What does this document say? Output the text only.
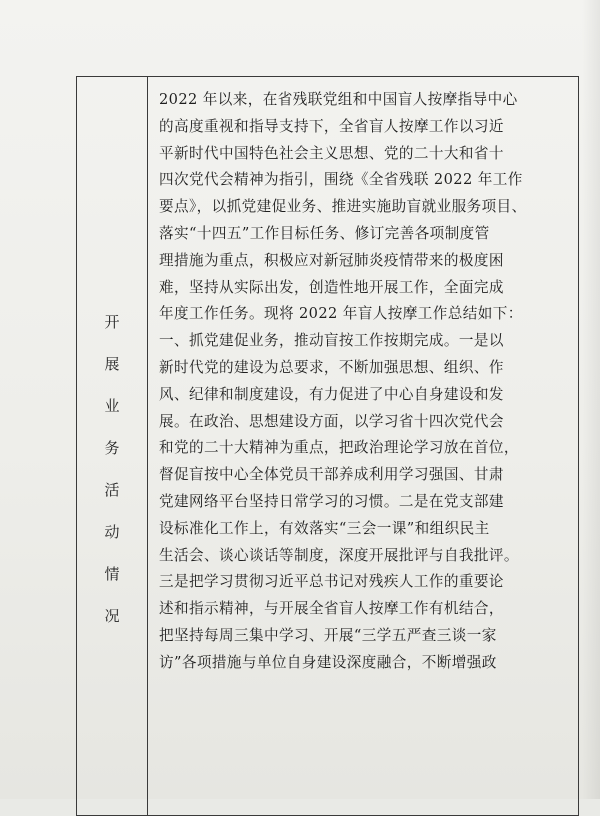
开
展
业
务
活
动
情
况
2022 年以来，在省残联党组和中国盲人按摩指导中心
的高度重视和指导支持下，全省盲人按摩工作以习近
平新时代中国特色社会主义思想、党的二十大和省十
四次党代会精神为指引，围绕《全省残联 2022 年工作
要点》，以抓党建促业务、推进实施助盲就业服务项目、
落实“十四五”工作目标任务、修订完善各项制度管
理措施为重点，积极应对新冠肺炎疫情带来的极度困
难，坚持从实际出发，创造性地开展工作，全面完成
年度工作任务。现将 2022 年盲人按摩工作总结如下：
一、抓党建促业务，推动盲按工作按期完成。一是以
新时代党的建设为总要求，不断加强思想、组织、作
风、纪律和制度建设，有力促进了中心自身建设和发
展。在政治、思想建设方面，以学习省十四次党代会
和党的二十大精神为重点，把政治理论学习放在首位，
督促盲按中心全体党员干部养成利用学习强国、甘肃
党建网络平台坚持日常学习的习惯。二是在党支部建
设标准化工作上，有效落实“三会一课”和组织民主
生活会、谈心谈话等制度，深度开展批评与自我批评。
三是把学习贯彻习近平总书记对残疾人工作的重要论
述和指示精神，与开展全省盲人按摩工作有机结合，
把坚持每周三集中学习、开展“三学五严查三谈一家
访”各项措施与单位自身建设深度融合，不断增强政
